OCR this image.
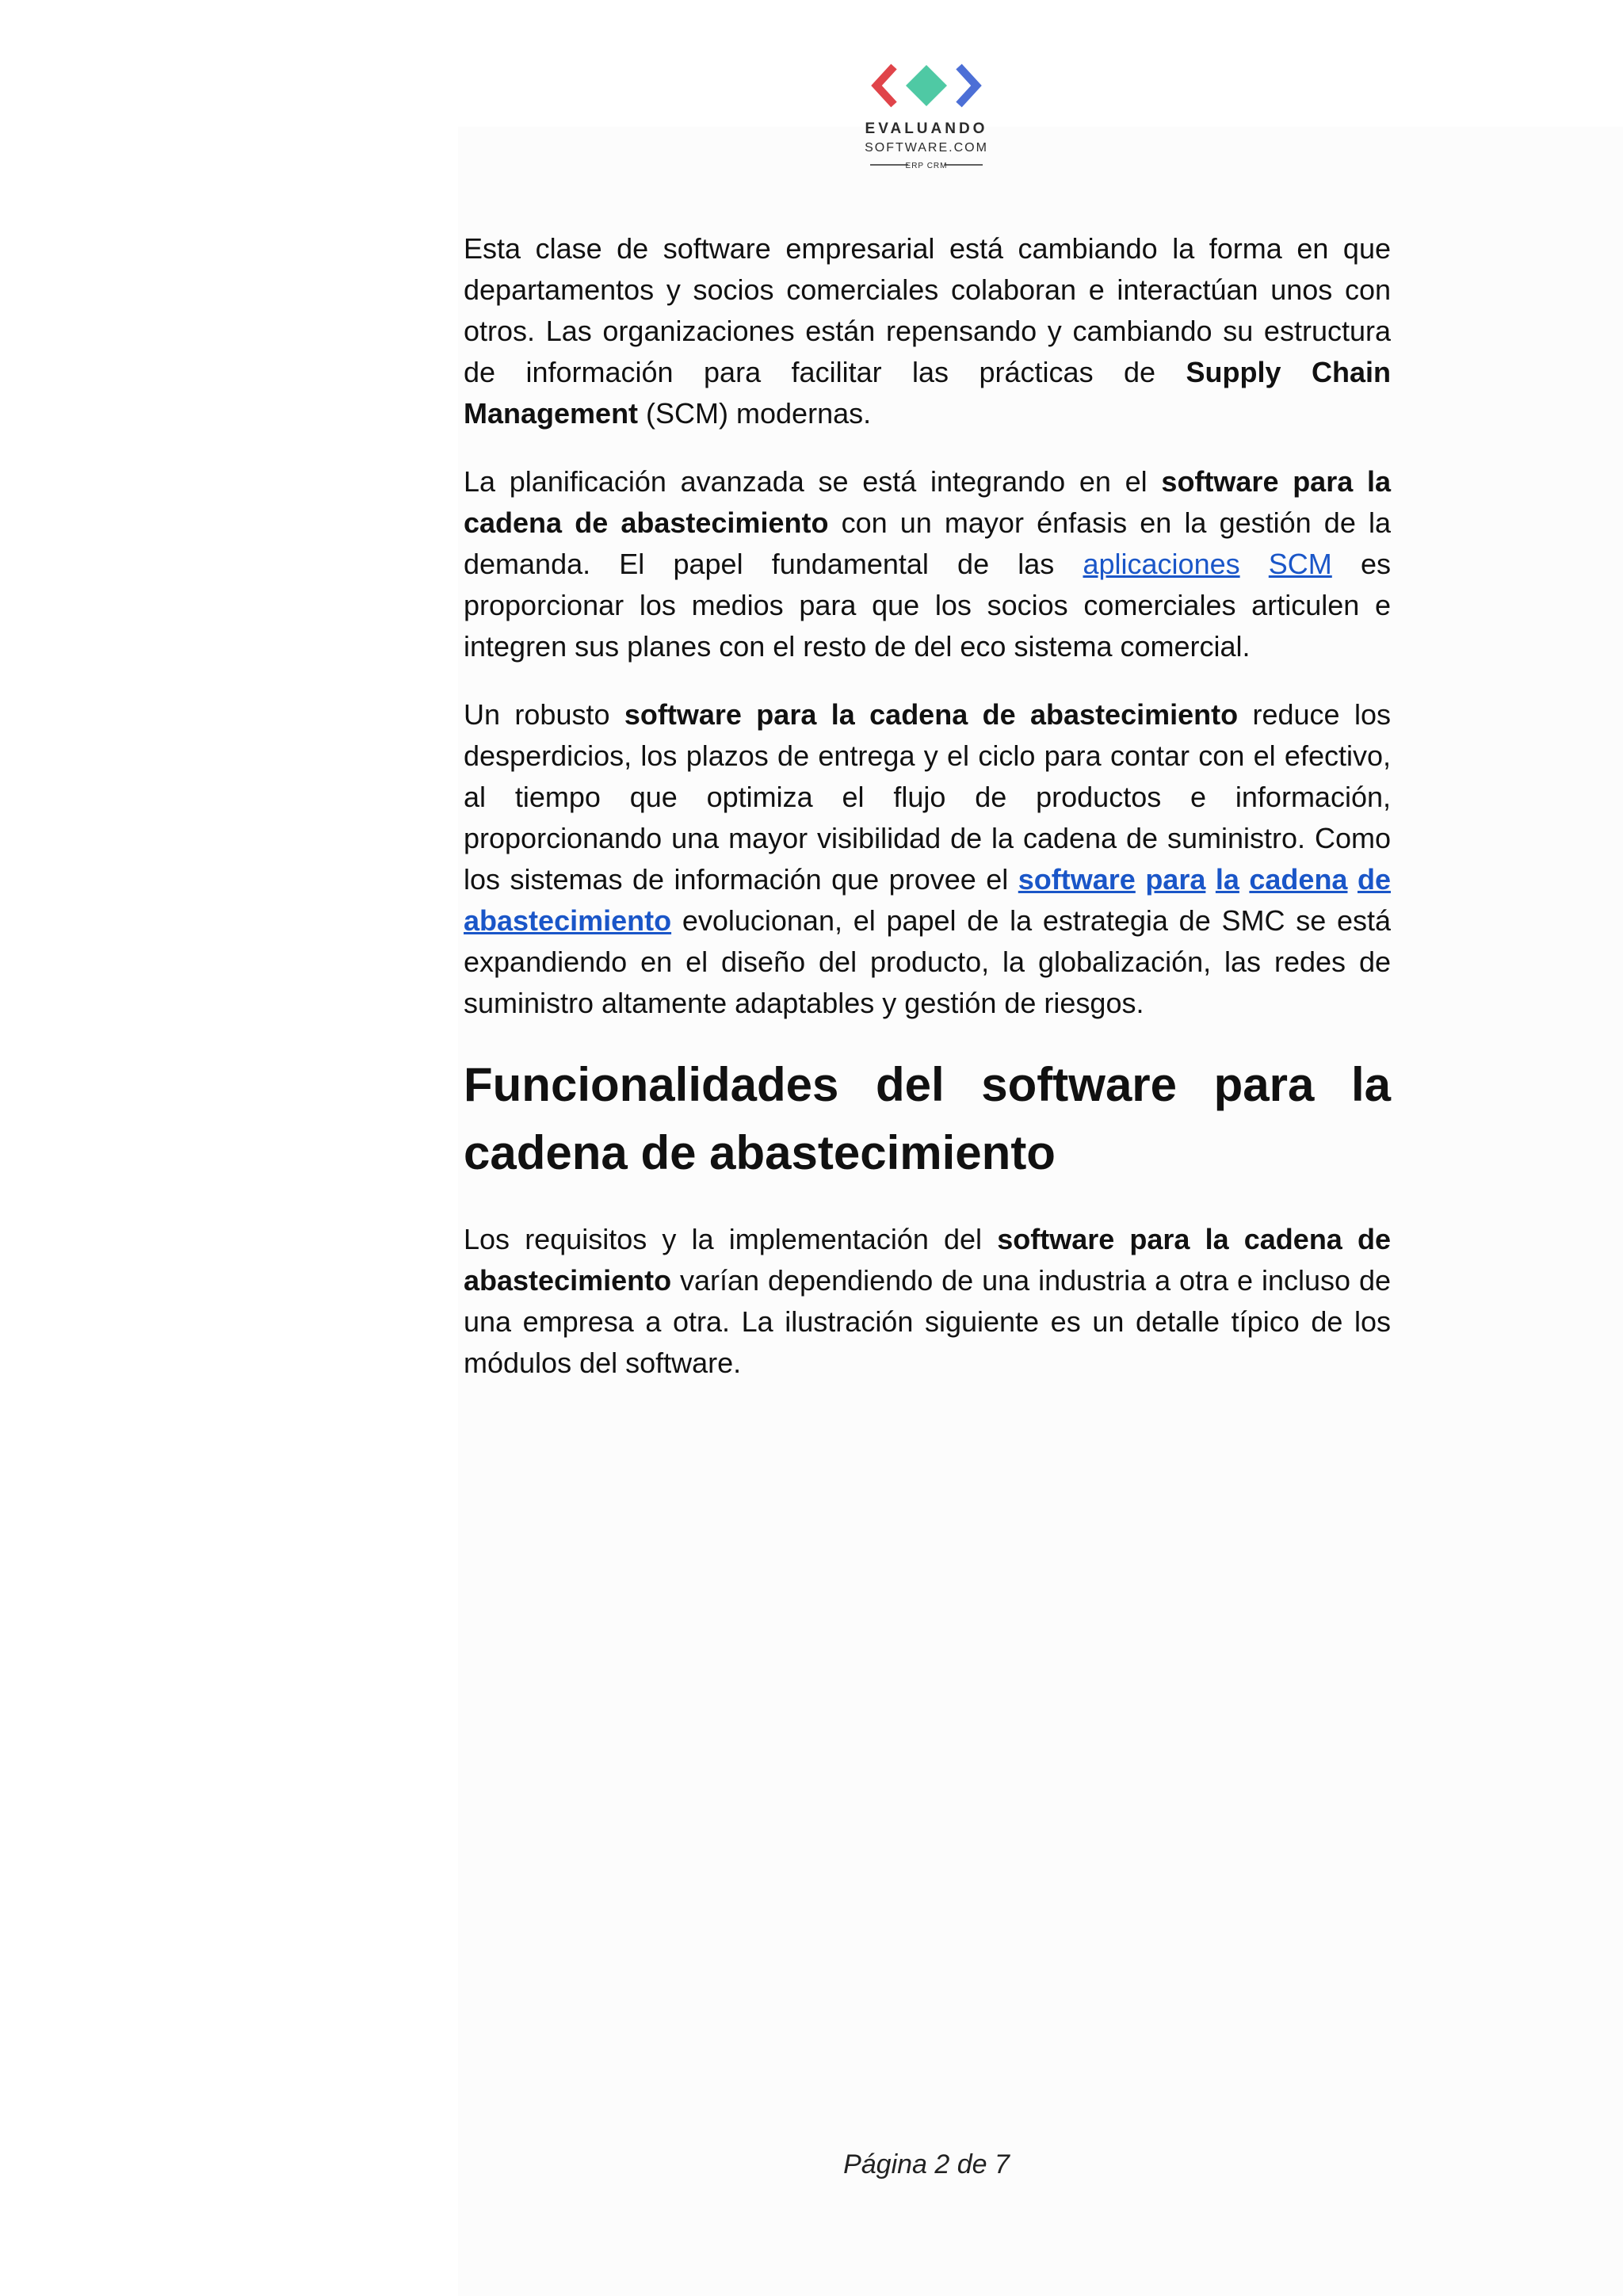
EVALUANDO
SOFTWARE.COM
ERP CRM

Esta clase de software empresarial está cambiando la forma en que departamentos y socios comerciales colaboran e interactúan unos con otros. Las organizaciones están repensando y cambiando su estructura de información para facilitar las prácticas de Supply Chain Management (SCM) modernas.

La planificación avanzada se está integrando en el software para la cadena de abastecimiento con un mayor énfasis en la gestión de la demanda. El papel fundamental de las aplicaciones SCM es proporcionar los medios para que los socios comerciales articulen e integren sus planes con el resto de del eco sistema comercial.

Un robusto software para la cadena de abastecimiento reduce los desperdicios, los plazos de entrega y el ciclo para contar con el efectivo, al tiempo que optimiza el flujo de productos e información, proporcionando una mayor visibilidad de la cadena de suministro. Como los sistemas de información que provee el software para la cadena de abastecimiento evolucionan, el papel de la estrategia de SMC se está expandiendo en el diseño del producto, la globalización, las redes de suministro altamente adaptables y gestión de riesgos.

Funcionalidades del software para la cadena de abastecimiento

Los requisitos y la implementación del software para la cadena de abastecimiento varían dependiendo de una industria a otra e incluso de una empresa a otra. La ilustración siguiente es un detalle típico de los módulos del software.

Página 2 de 7
